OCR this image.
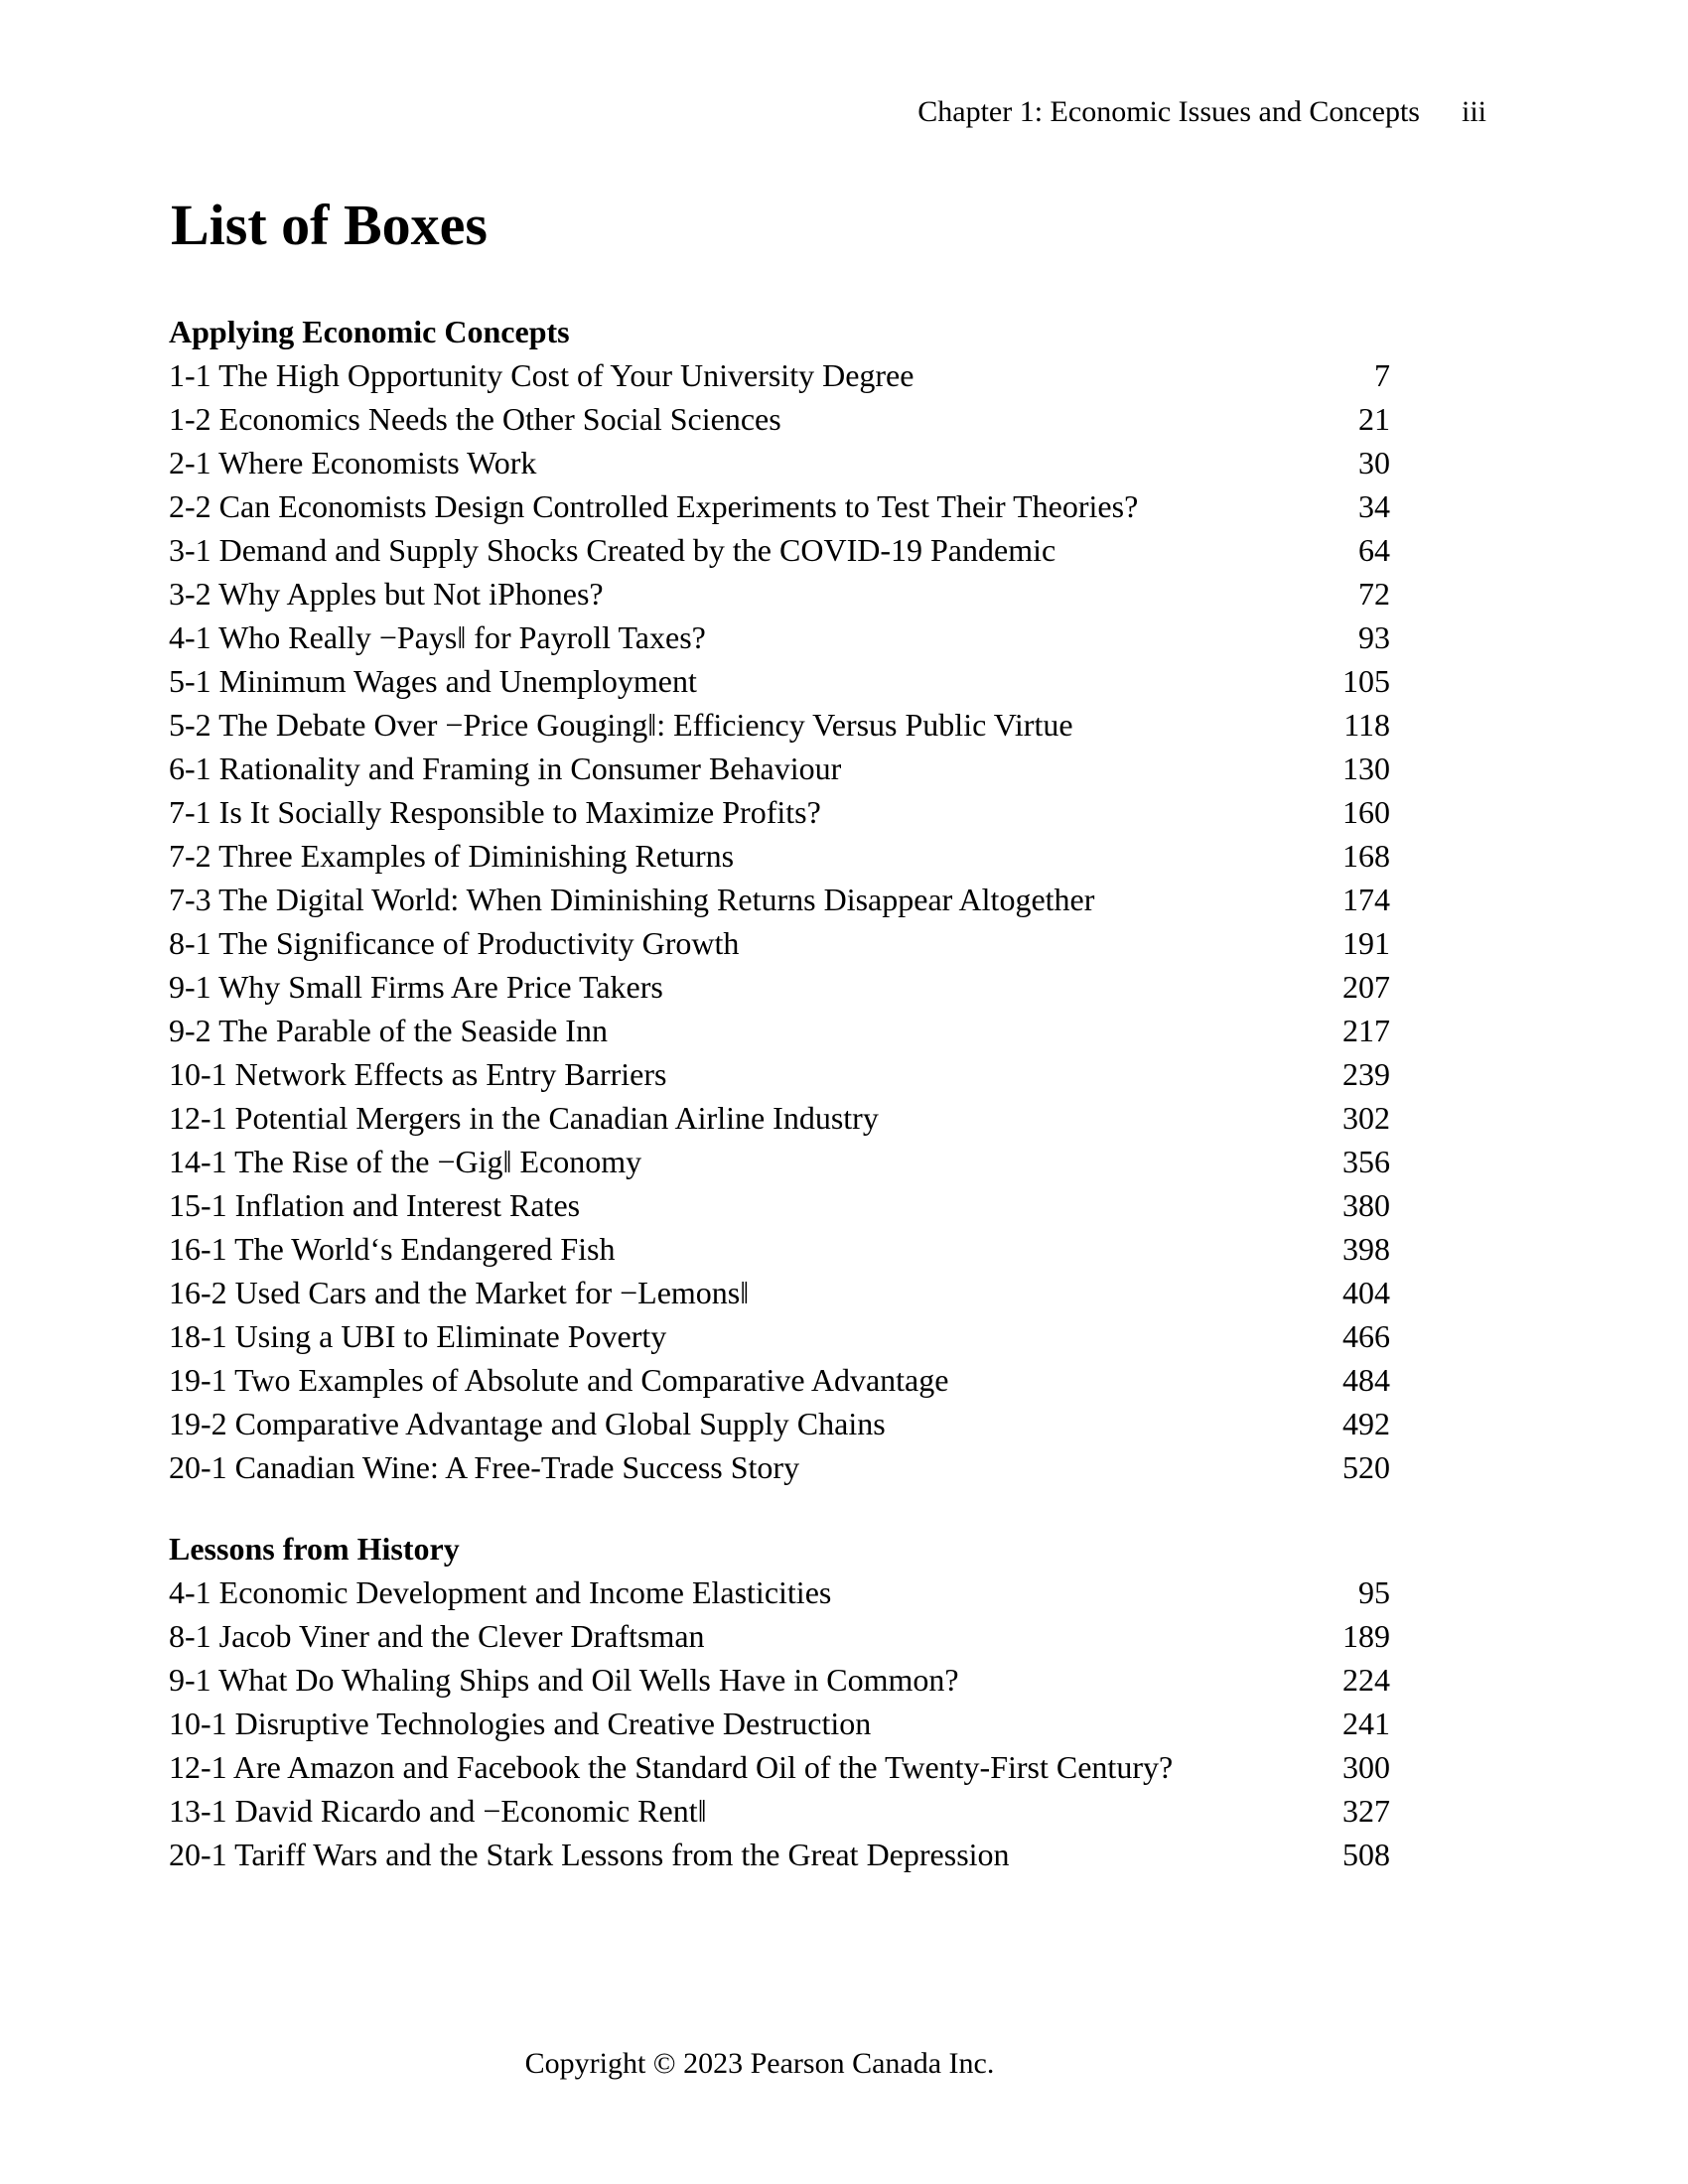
Chapter 1: Economic Issues and Concepts iii
List of Boxes
Applying Economic Concepts
1-1 The High Opportunity Cost of Your University Degree	7
1-2 Economics Needs the Other Social Sciences	21
2-1 Where Economists Work	30
2-2 Can Economists Design Controlled Experiments to Test Their Theories?	34
3-1 Demand and Supply Shocks Created by the COVID-19 Pandemic	64
3-2 Why Apples but Not iPhones?	72
4-1 Who Really −Pays‖ for Payroll Taxes?	93
5-1 Minimum Wages and Unemployment	105
5-2 The Debate Over −Price Gouging‖: Efficiency Versus Public Virtue	118
6-1 Rationality and Framing in Consumer Behaviour	130
7-1 Is It Socially Responsible to Maximize Profits?	160
7-2 Three Examples of Diminishing Returns	168
7-3 The Digital World: When Diminishing Returns Disappear Altogether	174
8-1 The Significance of Productivity Growth	191
9-1 Why Small Firms Are Price Takers	207
9-2 The Parable of the Seaside Inn	217
10-1 Network Effects as Entry Barriers	239
12-1 Potential Mergers in the Canadian Airline Industry	302
14-1 The Rise of the −Gig‖ Economy	356
15-1 Inflation and Interest Rates	380
16-1 The World‘s Endangered Fish	398
16-2 Used Cars and the Market for −Lemons‖	404
18-1 Using a UBI to Eliminate Poverty	466
19-1 Two Examples of Absolute and Comparative Advantage	484
19-2 Comparative Advantage and Global Supply Chains	492
20-1 Canadian Wine: A Free-Trade Success Story	520
Lessons from History
4-1 Economic Development and Income Elasticities	95
8-1 Jacob Viner and the Clever Draftsman	189
9-1 What Do Whaling Ships and Oil Wells Have in Common?	224
10-1 Disruptive Technologies and Creative Destruction	241
12-1 Are Amazon and Facebook the Standard Oil of the Twenty-First Century?	300
13-1 David Ricardo and −Economic Rent‖	327
20-1 Tariff Wars and the Stark Lessons from the Great Depression	508
Copyright © 2023 Pearson Canada Inc.
